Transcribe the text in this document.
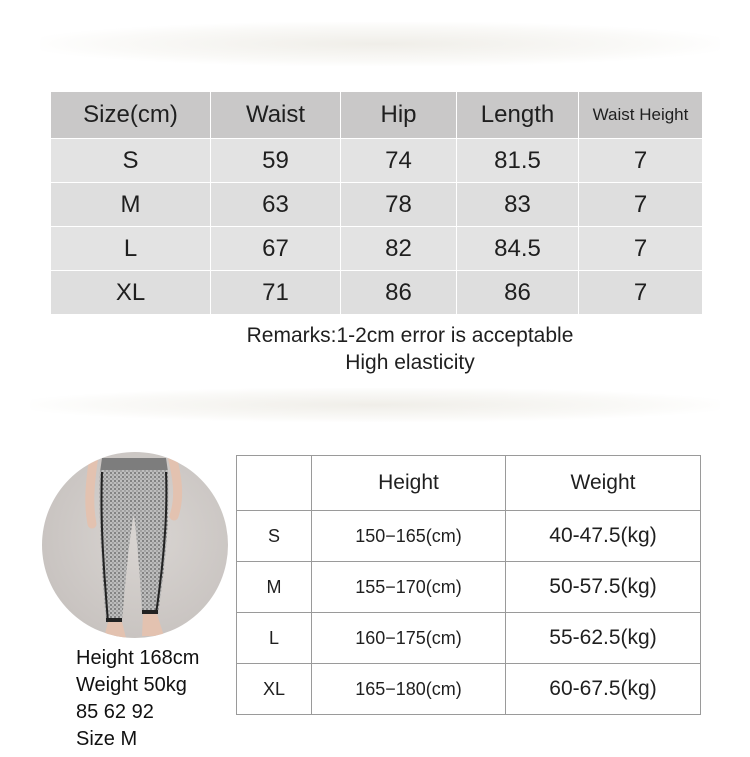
Size(cm)	Waist	Hip	Length	Waist Height
S	59	74	81.5	7
M	63	78	83	7
L	67	82	84.5	7
XL	71	86	86	7
Remarks:1-2cm error is acceptable
High elasticity
Height 168cm
Weight 50kg
85 62 92
Size M
	Height	Weight
S	150−165(cm)	40-47.5(kg)
M	155−170(cm)	50-57.5(kg)
L	160−175(cm)	55-62.5(kg)
XL	165−180(cm)	60-67.5(kg)
